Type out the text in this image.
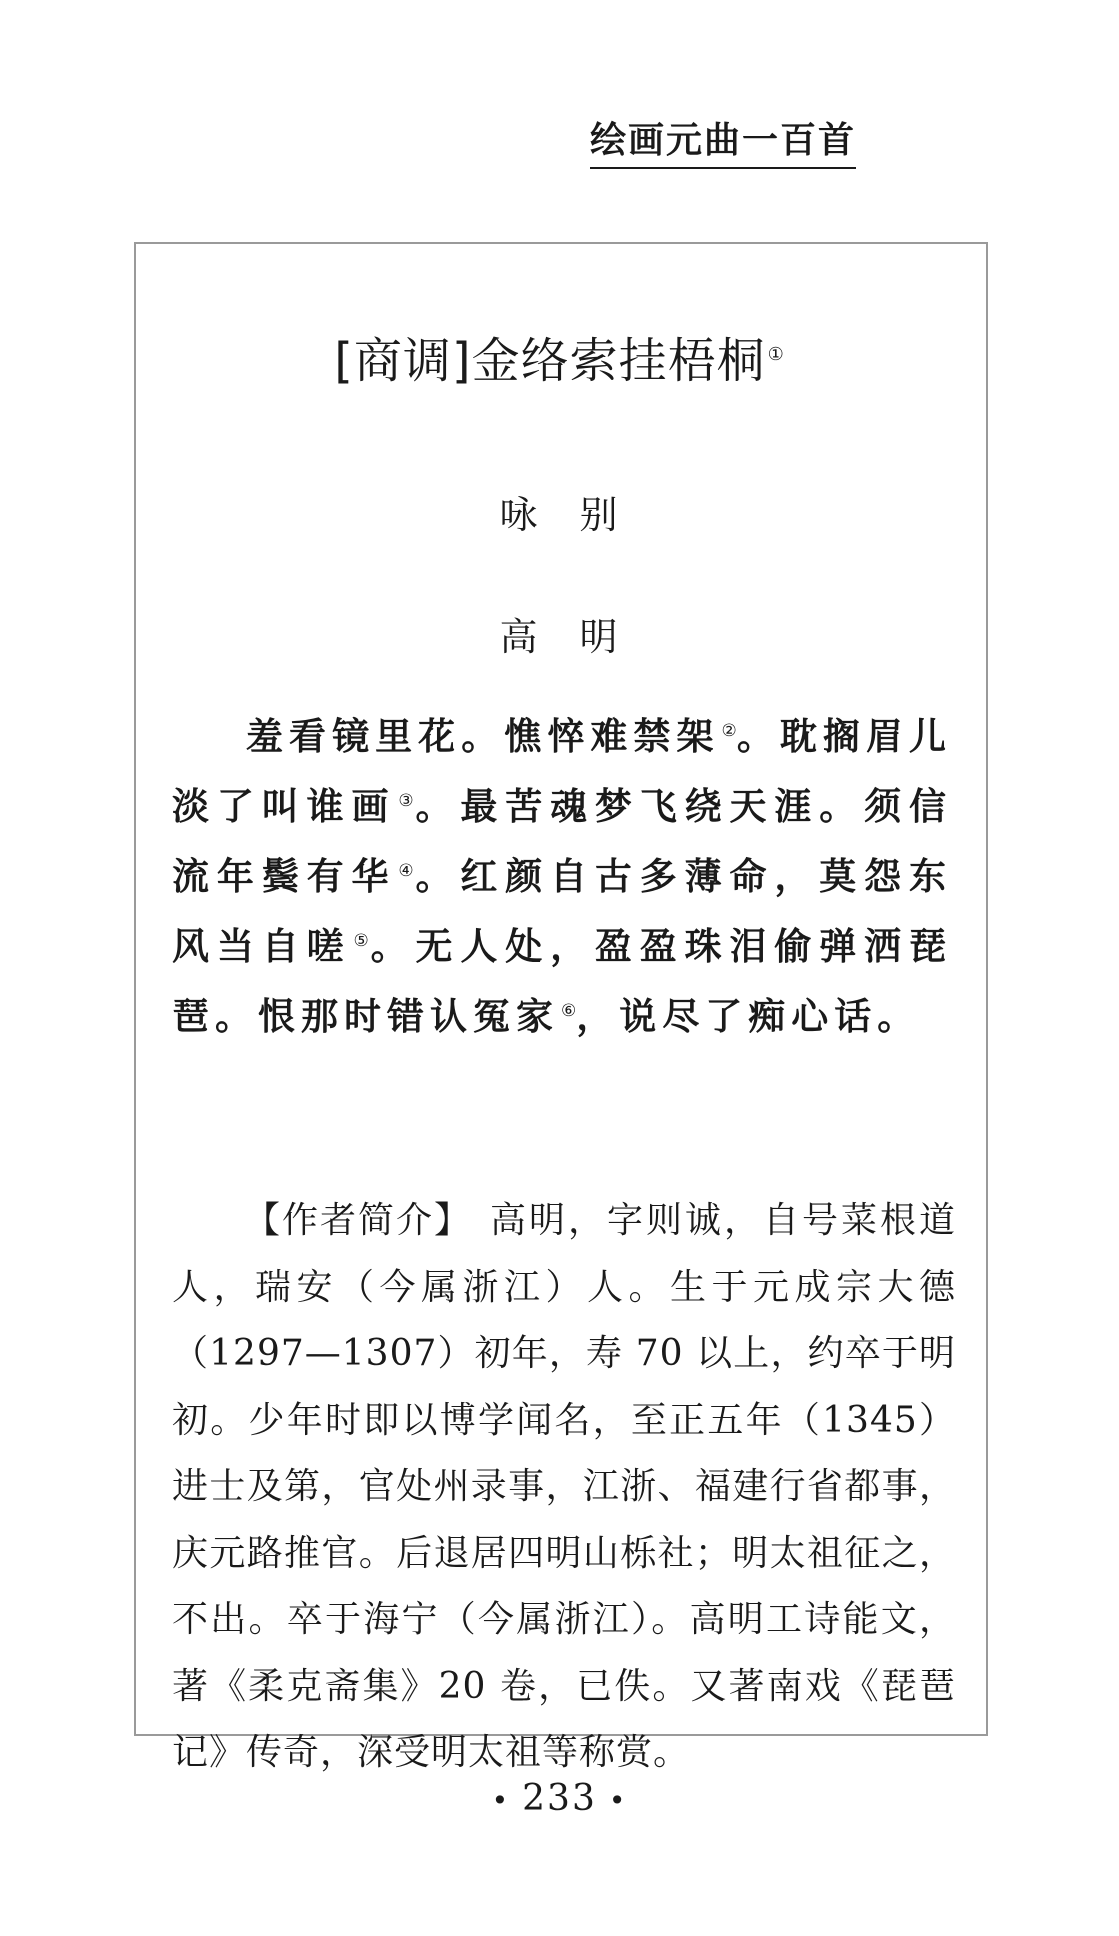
绘画元曲一百首
[商调]金络索挂梧桐 ①
咏　别
高　明
羞看镜里花。憔悴难禁架 ②。耽搁眉儿淡了叫谁画 ③。最苦魂梦飞绕天涯。须信流年鬓有华 ④。红颜自古多薄命，莫怨东风当自嗟 ⑤。无人处，盈盈珠泪偷弹洒琵琶。恨那时错认冤家 ⑥，说尽了痴心话。
【作者简介】 高明，字则诚，自号菜根道人，瑞安（今属浙江）人。生于元成宗大德（1297—1307）初年，寿 70 以上，约卒于明初。少年时即以博学闻名，至正五年（1345）进士及第，官处州录事，江浙、福建行省都事，庆元路推官。后退居四明山栎社；明太祖征之，不出。卒于海宁（今属浙江）。高明工诗能文，著《柔克斋集》20 卷，已佚。又著南戏《琵琶记》传奇，深受明太祖等称赏。
• 233 •
